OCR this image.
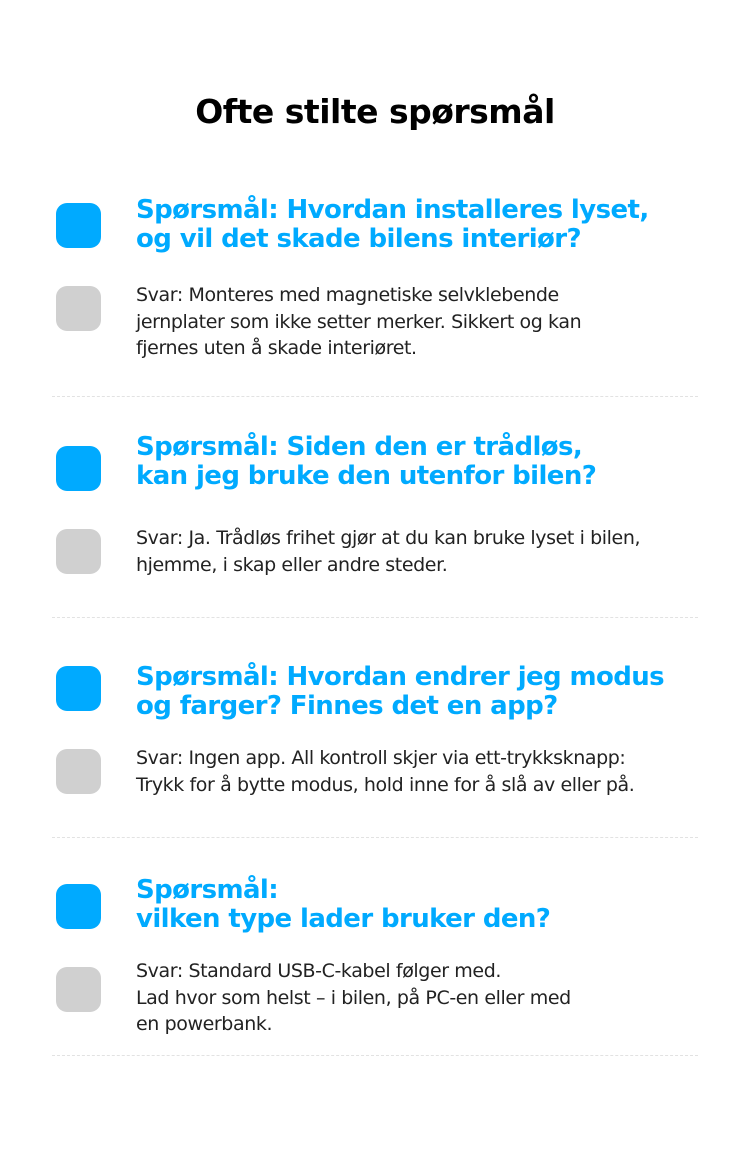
Ofte stilte spørsmål
Spørsmål: Hvordan installeres lyset,
og vil det skade bilens interiør?
Svar: Monteres med magnetiske selvklebende
jernplater som ikke setter merker. Sikkert og kan
fjernes uten å skade interiøret.
Spørsmål: Siden den er trådløs,
kan jeg bruke den utenfor bilen?
Svar: Ja. Trådløs frihet gjør at du kan bruke lyset i bilen,
hjemme, i skap eller andre steder.
Spørsmål: Hvordan endrer jeg modus
og farger? Finnes det en app?
Svar: Ingen app. All kontroll skjer via ett-trykksknapp:
Trykk for å bytte modus, hold inne for å slå av eller på.
Spørsmål:
vilken type lader bruker den?
Svar: Standard USB-C-kabel følger med.
Lad hvor som helst – i bilen, på PC-en eller med
en powerbank.
